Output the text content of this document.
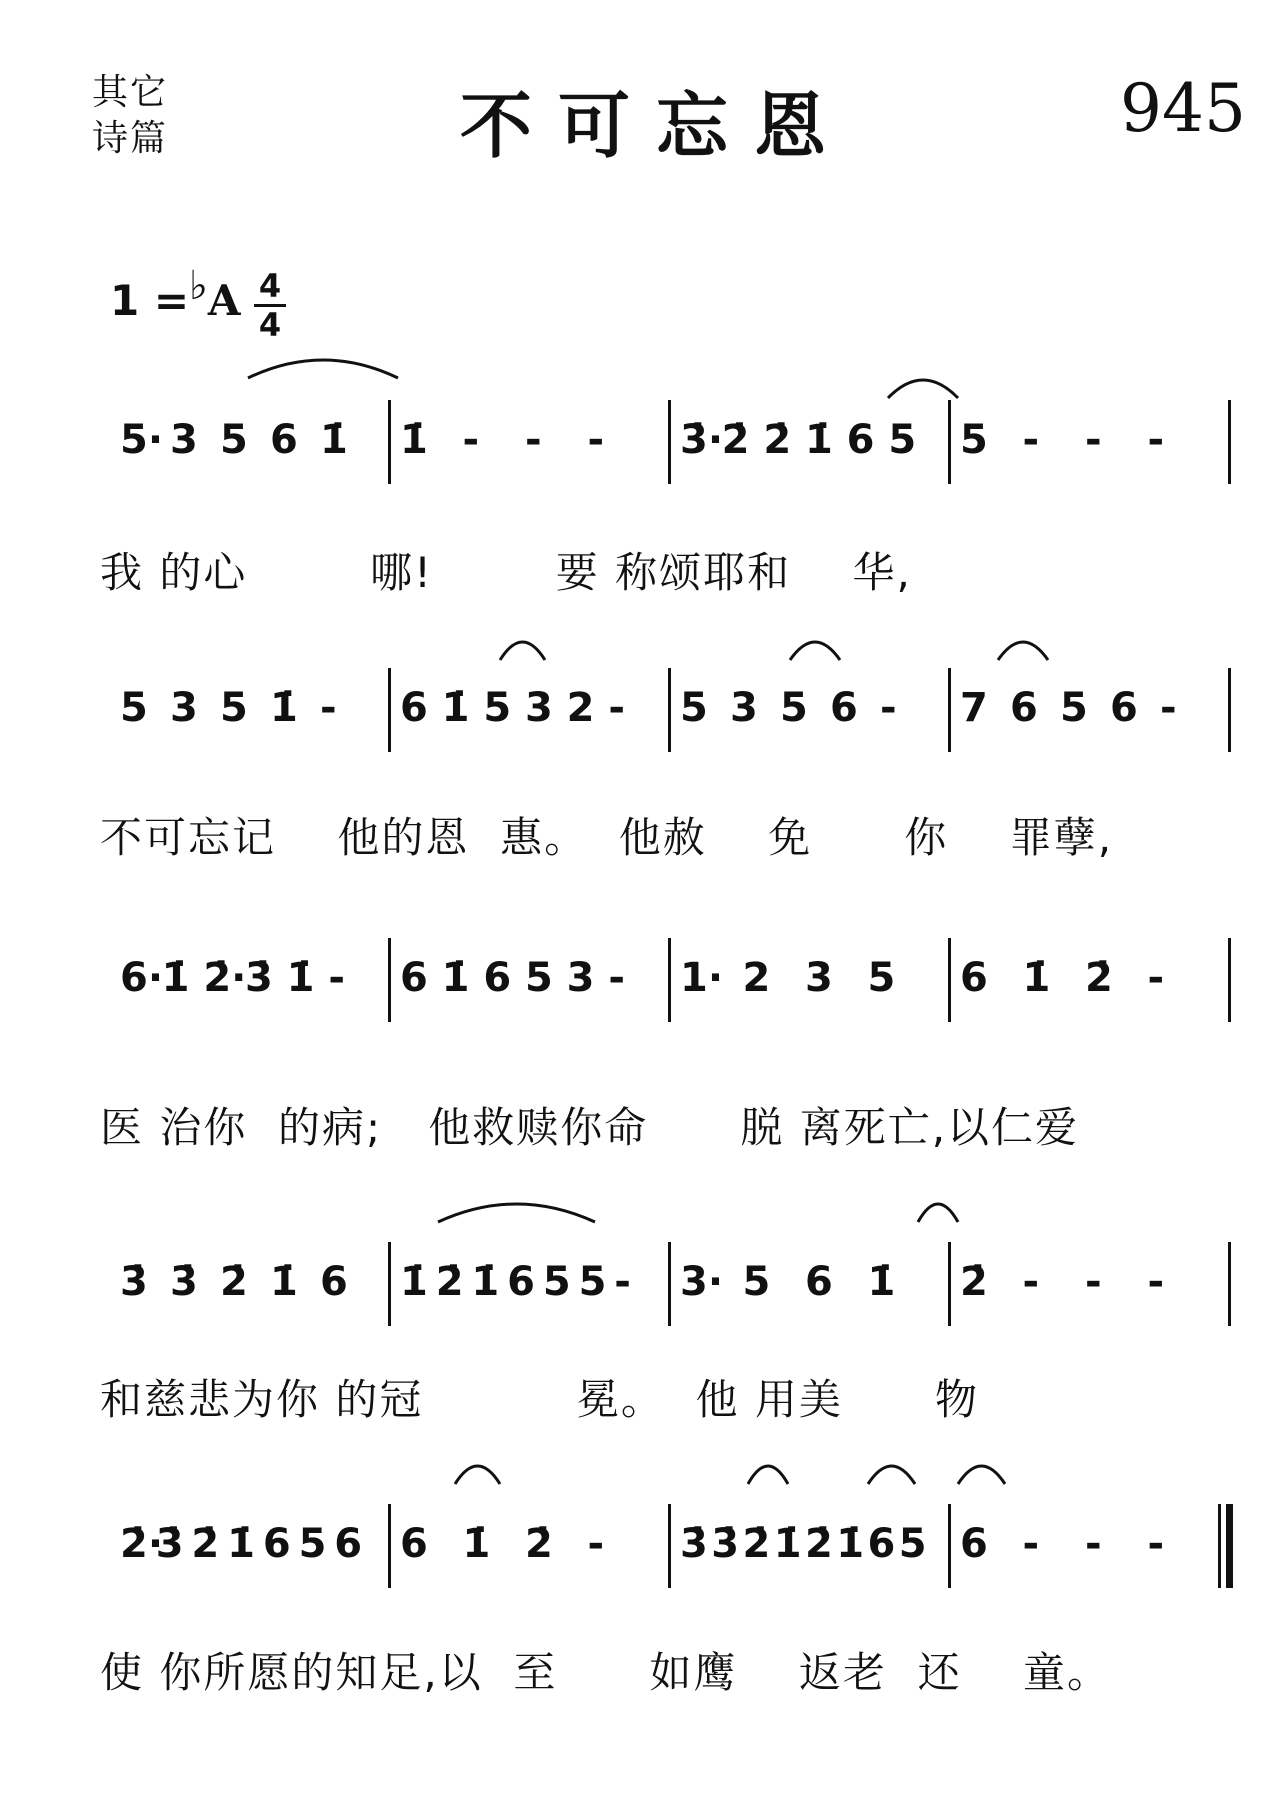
其它
诗篇	不可忘恩	945
1 =♭A 4
4
5· 3 5 6 1̇ 1̇ - - - 3̇·
2̇ 2̇ 1̇ 6 5 5 - - -
5 3 5 1̇ - 6 1̇ 5 3 2 - 5 3 5 6 - 7 6 5 6 -
6·
1̇ 2̇·
3̇ 1̇ - 6 1̇ 6 5 3 - 1· 2 3 5 6 1̇ 2̇ -
3̇ 3̇ 2̇ 1̇ 6 1̇ 2̇ 1̇ 6 5 5 - 3· 5 6 1̇ 2̇ - - -
2̇·
3̇ 2̇ 1̇ 6 5 6 6 1̇ 2̇ - 3̇ 3̇ 2̇ 1̇ 2̇ 1̇ 6 5 6 - - -
我 的心        哪!        要 称颂耶和    华,
不可忘记    他的恩  惠。  他赦    免      你    罪孽,
医 治你  的病;   他救赎你命      脱 离死亡,以仁爱
和慈悲为你 的冠          冕。  他 用美      物
使 你所愿的知足,以  至      如鹰    返老  还    童。
